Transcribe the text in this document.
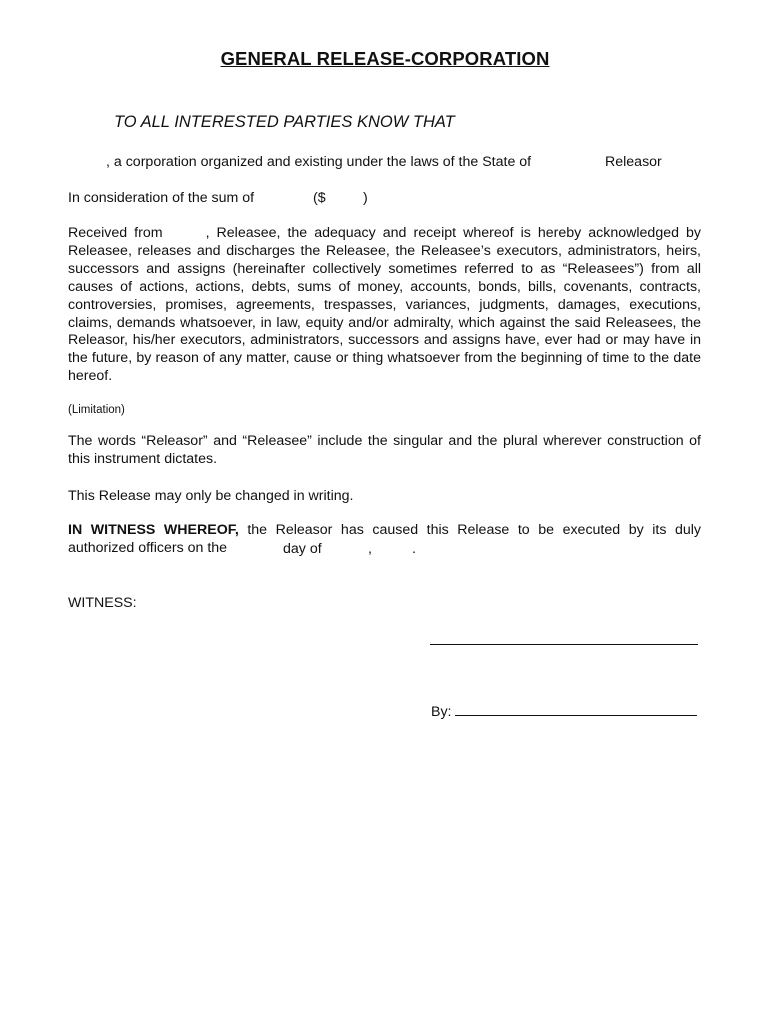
GENERAL RELEASE-CORPORATION
TO ALL INTERESTED PARTIES KNOW THAT
, a corporation organized and existing under the laws of the State of	Releasor
In consideration of the sum of	($	)
Received from	, Releasee, the adequacy and receipt whereof is hereby acknowledged by Releasee, releases and discharges the Releasee, the Releasee’s executors, administrators, heirs, successors and assigns (hereinafter collectively sometimes referred to as “Releasees”) from all causes of actions, actions, debts, sums of money, accounts, bonds, bills, covenants, contracts, controversies, promises, agreements, trespasses, variances, judgments, damages, executions, claims, demands whatsoever, in law, equity and/or admiralty, which against the said Releasees, the Releasor, his/her executors, administrators, successors and assigns have, ever had or may have in the future, by reason of any matter, cause or thing whatsoever from the beginning of time to the date hereof.
(Limitation)
The words “Releasor” and “Releasee” include the singular and the plural wherever construction of this instrument dictates.
This Release may only be changed in writing.
IN WITNESS WHEREOF, the Releasor has caused this Release to be executed by its duly authorized officers on the	day of	,	.
WITNESS:
By:
